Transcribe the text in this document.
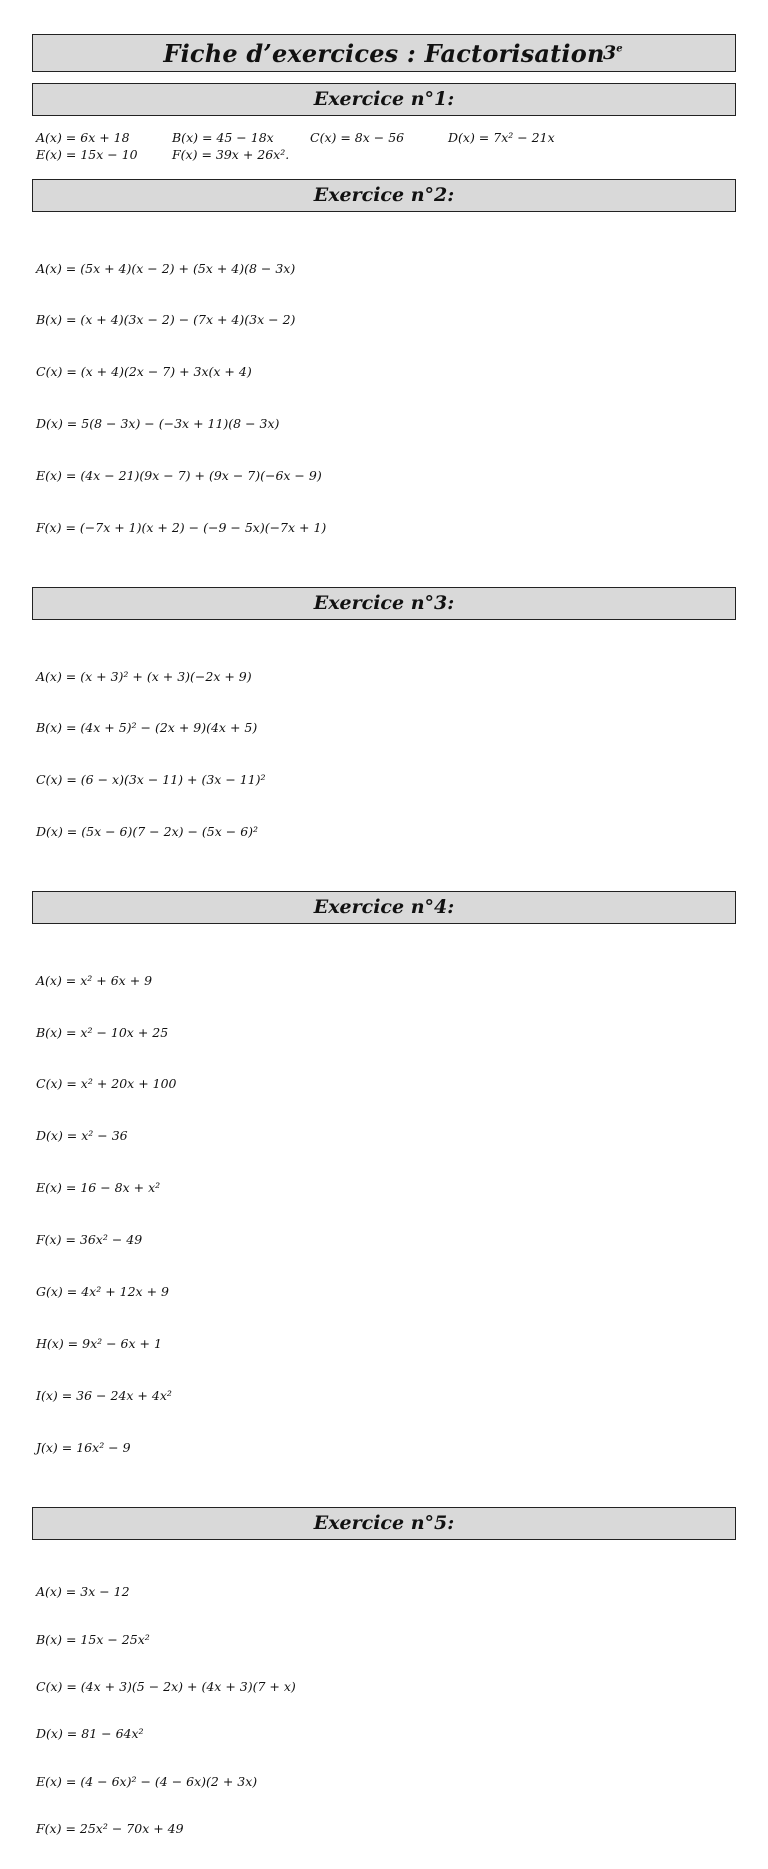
Fiche d’exercices : Factorisation
3e
Exercice n°1:
A(x) = 6x + 18	B(x) = 45 − 18x	C(x) = 8x − 56	D(x) = 7x² − 21x
E(x) = 15x − 10	F(x) = 39x + 26x².
Exercice n°2:

A(x) = (5x + 4)(x − 2) + (5x + 4)(8 − 3x)

B(x) = (x + 4)(3x − 2) − (7x + 4)(3x − 2)

C(x) = (x + 4)(2x − 7) + 3x(x + 4)

D(x) = 5(8 − 3x) − (−3x + 11)(8 − 3x)

E(x) = (4x − 21)(9x − 7) + (9x − 7)(−6x − 9)

F(x) = (−7x + 1)(x + 2) − (−9 − 5x)(−7x + 1)

Exercice n°3:

A(x) = (x + 3)² + (x + 3)(−2x + 9)

B(x) = (4x + 5)² − (2x + 9)(4x + 5)

C(x) = (6 − x)(3x − 11) + (3x − 11)²

D(x) = (5x − 6)(7 − 2x) − (5x − 6)²

Exercice n°4:

A(x) = x² + 6x + 9

B(x) = x² − 10x + 25

C(x) = x² + 20x + 100

D(x) = x² − 36

E(x) = 16 − 8x + x²

F(x) = 36x² − 49

G(x) = 4x² + 12x + 9

H(x) = 9x² − 6x + 1

I(x) = 36 − 24x + 4x²

J(x) = 16x² − 9

Exercice n°5:

A(x) = 3x − 12

B(x) = 15x − 25x²

C(x) = (4x + 3)(5 − 2x) + (4x + 3)(7 + x)

D(x) = 81 − 64x²

E(x) = (4 − 6x)² − (4 − 6x)(2 + 3x)

F(x) = 25x² − 70x + 49
